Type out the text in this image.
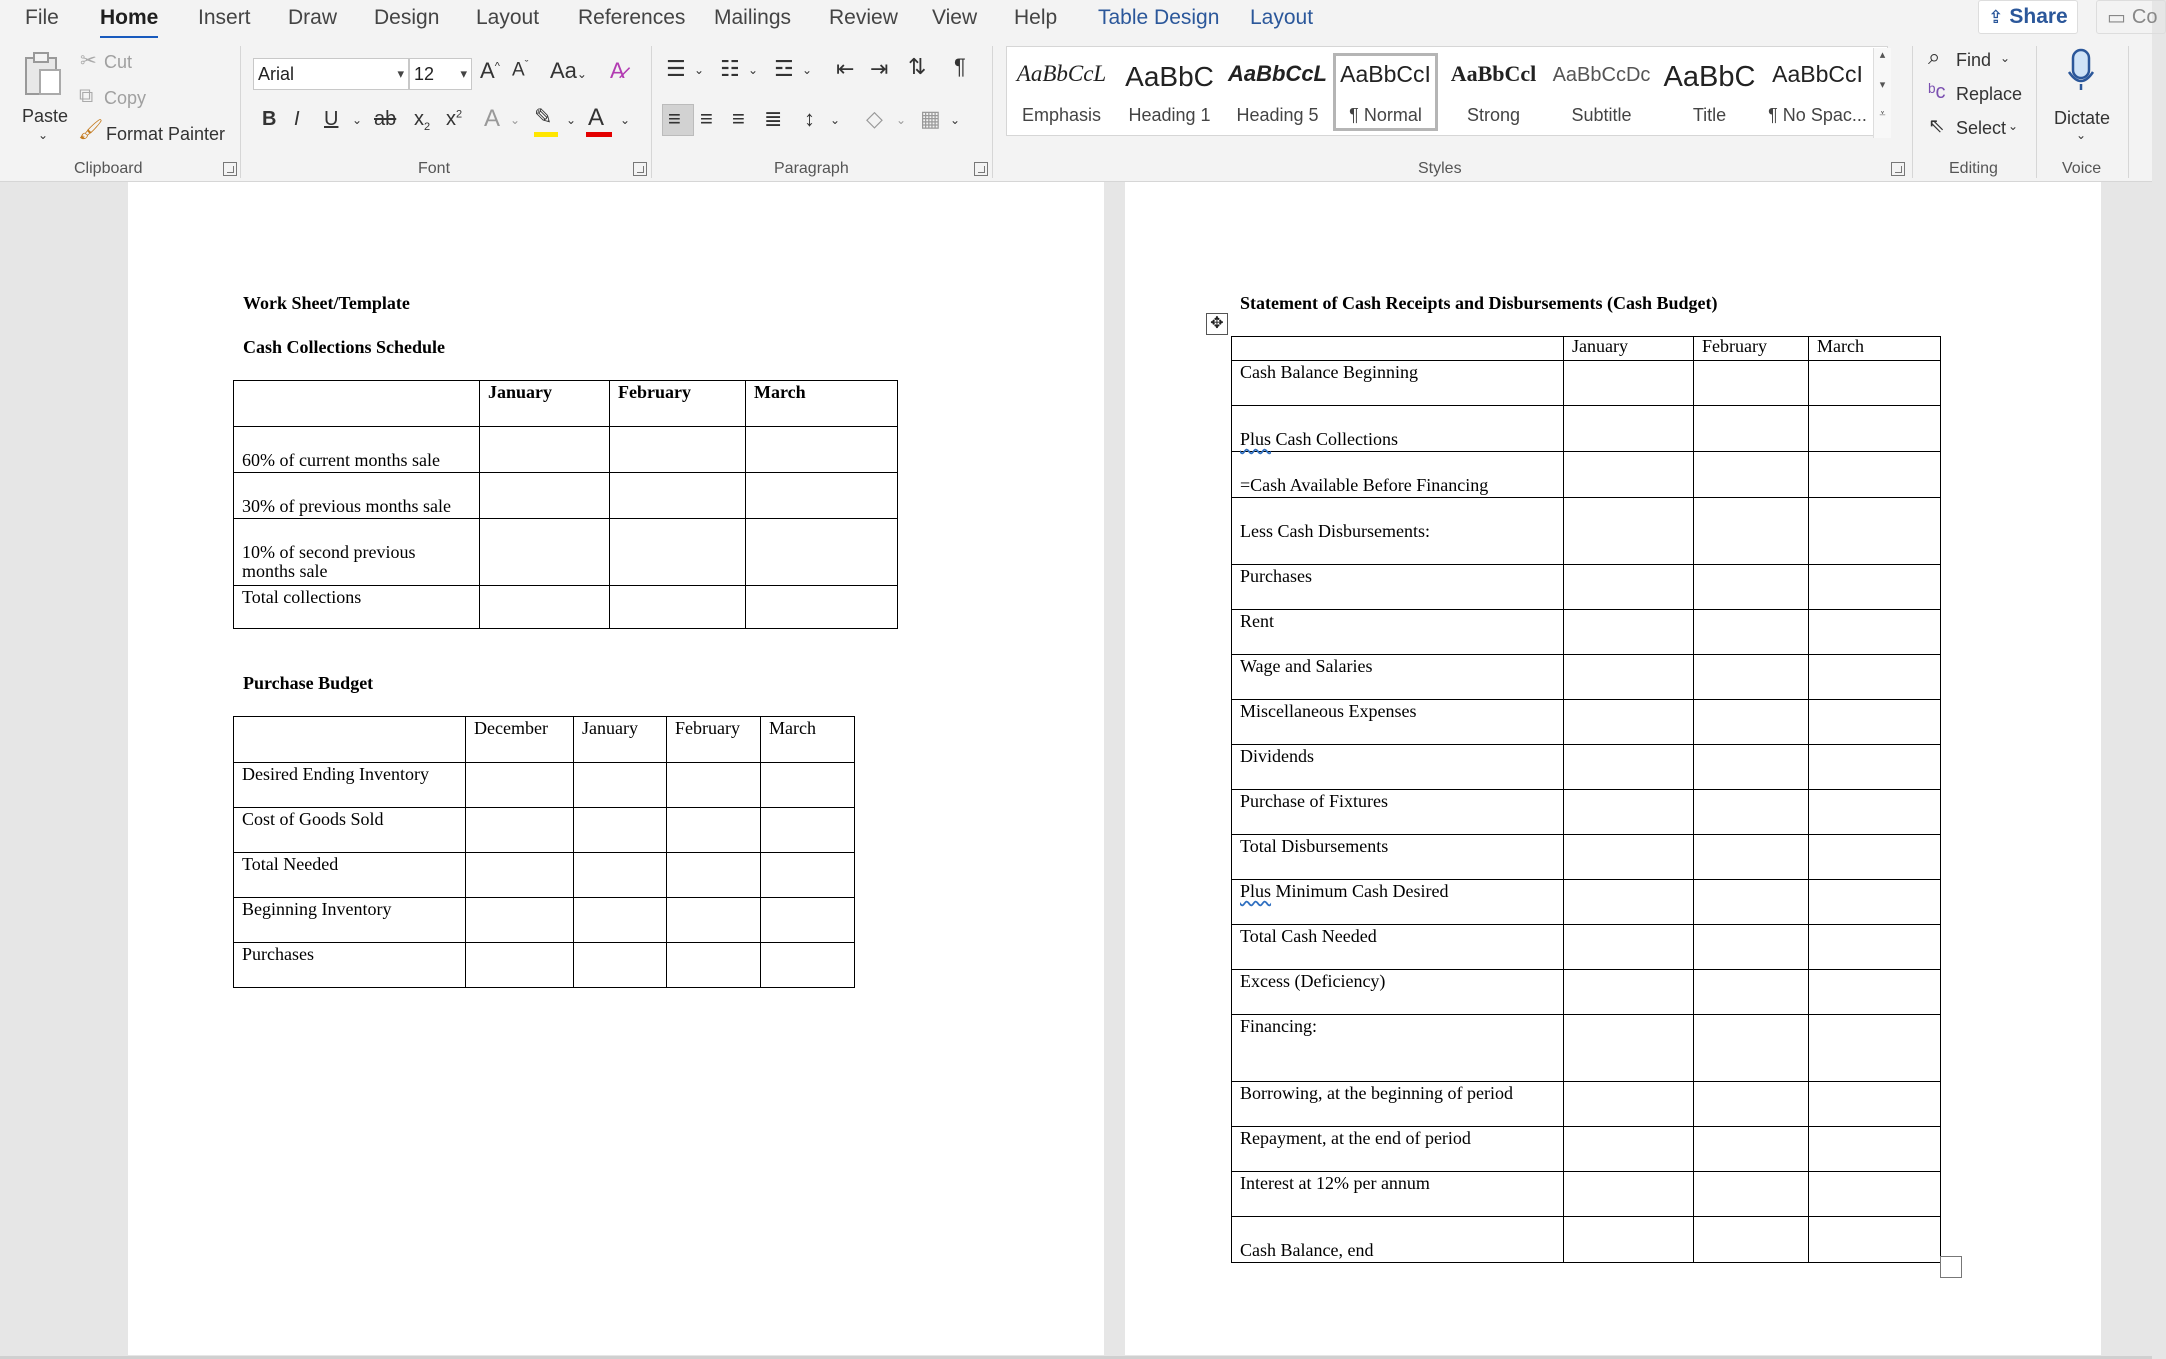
File Home Insert Draw Design Layout References Mailings Review View Help Table Design Layout	⇪ Share ▭ Co
Paste
⌄
✂ Cut
⧉ Copy
🖌 Format Painter
Clipboard
Arial	▾ 12 ▾ A^ $A^ˇ$ Aa⌄ A̷
B I U ⌄ ab $x_2$ $x^2$ A ⌄ ✎ ⌄ A ⌄
Font
☰ ⌄ ☷ ⌄ ☲ ⌄ ⇤ ⇥ ⇅ ¶
≡ ≡ ≡ ≣ ↕ ⌄ ◇ ⌄ ▦ ⌄
Paragraph
AaBbCcL
Emphasis
AaBbC
Heading 1
AaBbCcL
Heading 5
AaBbCcI
¶ Normal
AaBbCcl
Strong
AaBbCcDc
Subtitle
AaBbC
Title
AaBbCcI
¶ No Spac...
▴
▾
⩡
Styles
⌕ Find ⌄
ᵇc Replace
⇖ Select ⌄
Editing
Dictate
⌄
Voice
Work Sheet/Template
Cash Collections Schedule
	January	February	March

60% of current months sale			

30% of previous months sale			

10% of second previous months sale			

Total collections			
Purchase Budget
	December	January	February	March
Desired Ending Inventory				
Cost of Goods Sold				
Total Needed				
Beginning Inventory				
Purchases				
Statement of Cash Receipts and Disbursements (Cash Budget)
	January	February	March
Cash Balance Beginning			

Plus Cash Collections			

=Cash Available Before Financing			

Less Cash Disbursements:			

Purchases			
Rent			
Wage and Salaries			
Miscellaneous Expenses			
Dividends			
Purchase of Fixtures			
Total Disbursements			
Plus Minimum Cash Desired			
Total Cash Needed			
Excess (Deficiency)			
Financing:			
Borrowing, at the beginning of period			
Repayment, at the end of period			
Interest at 12% per annum			

Cash Balance, end			

✥
